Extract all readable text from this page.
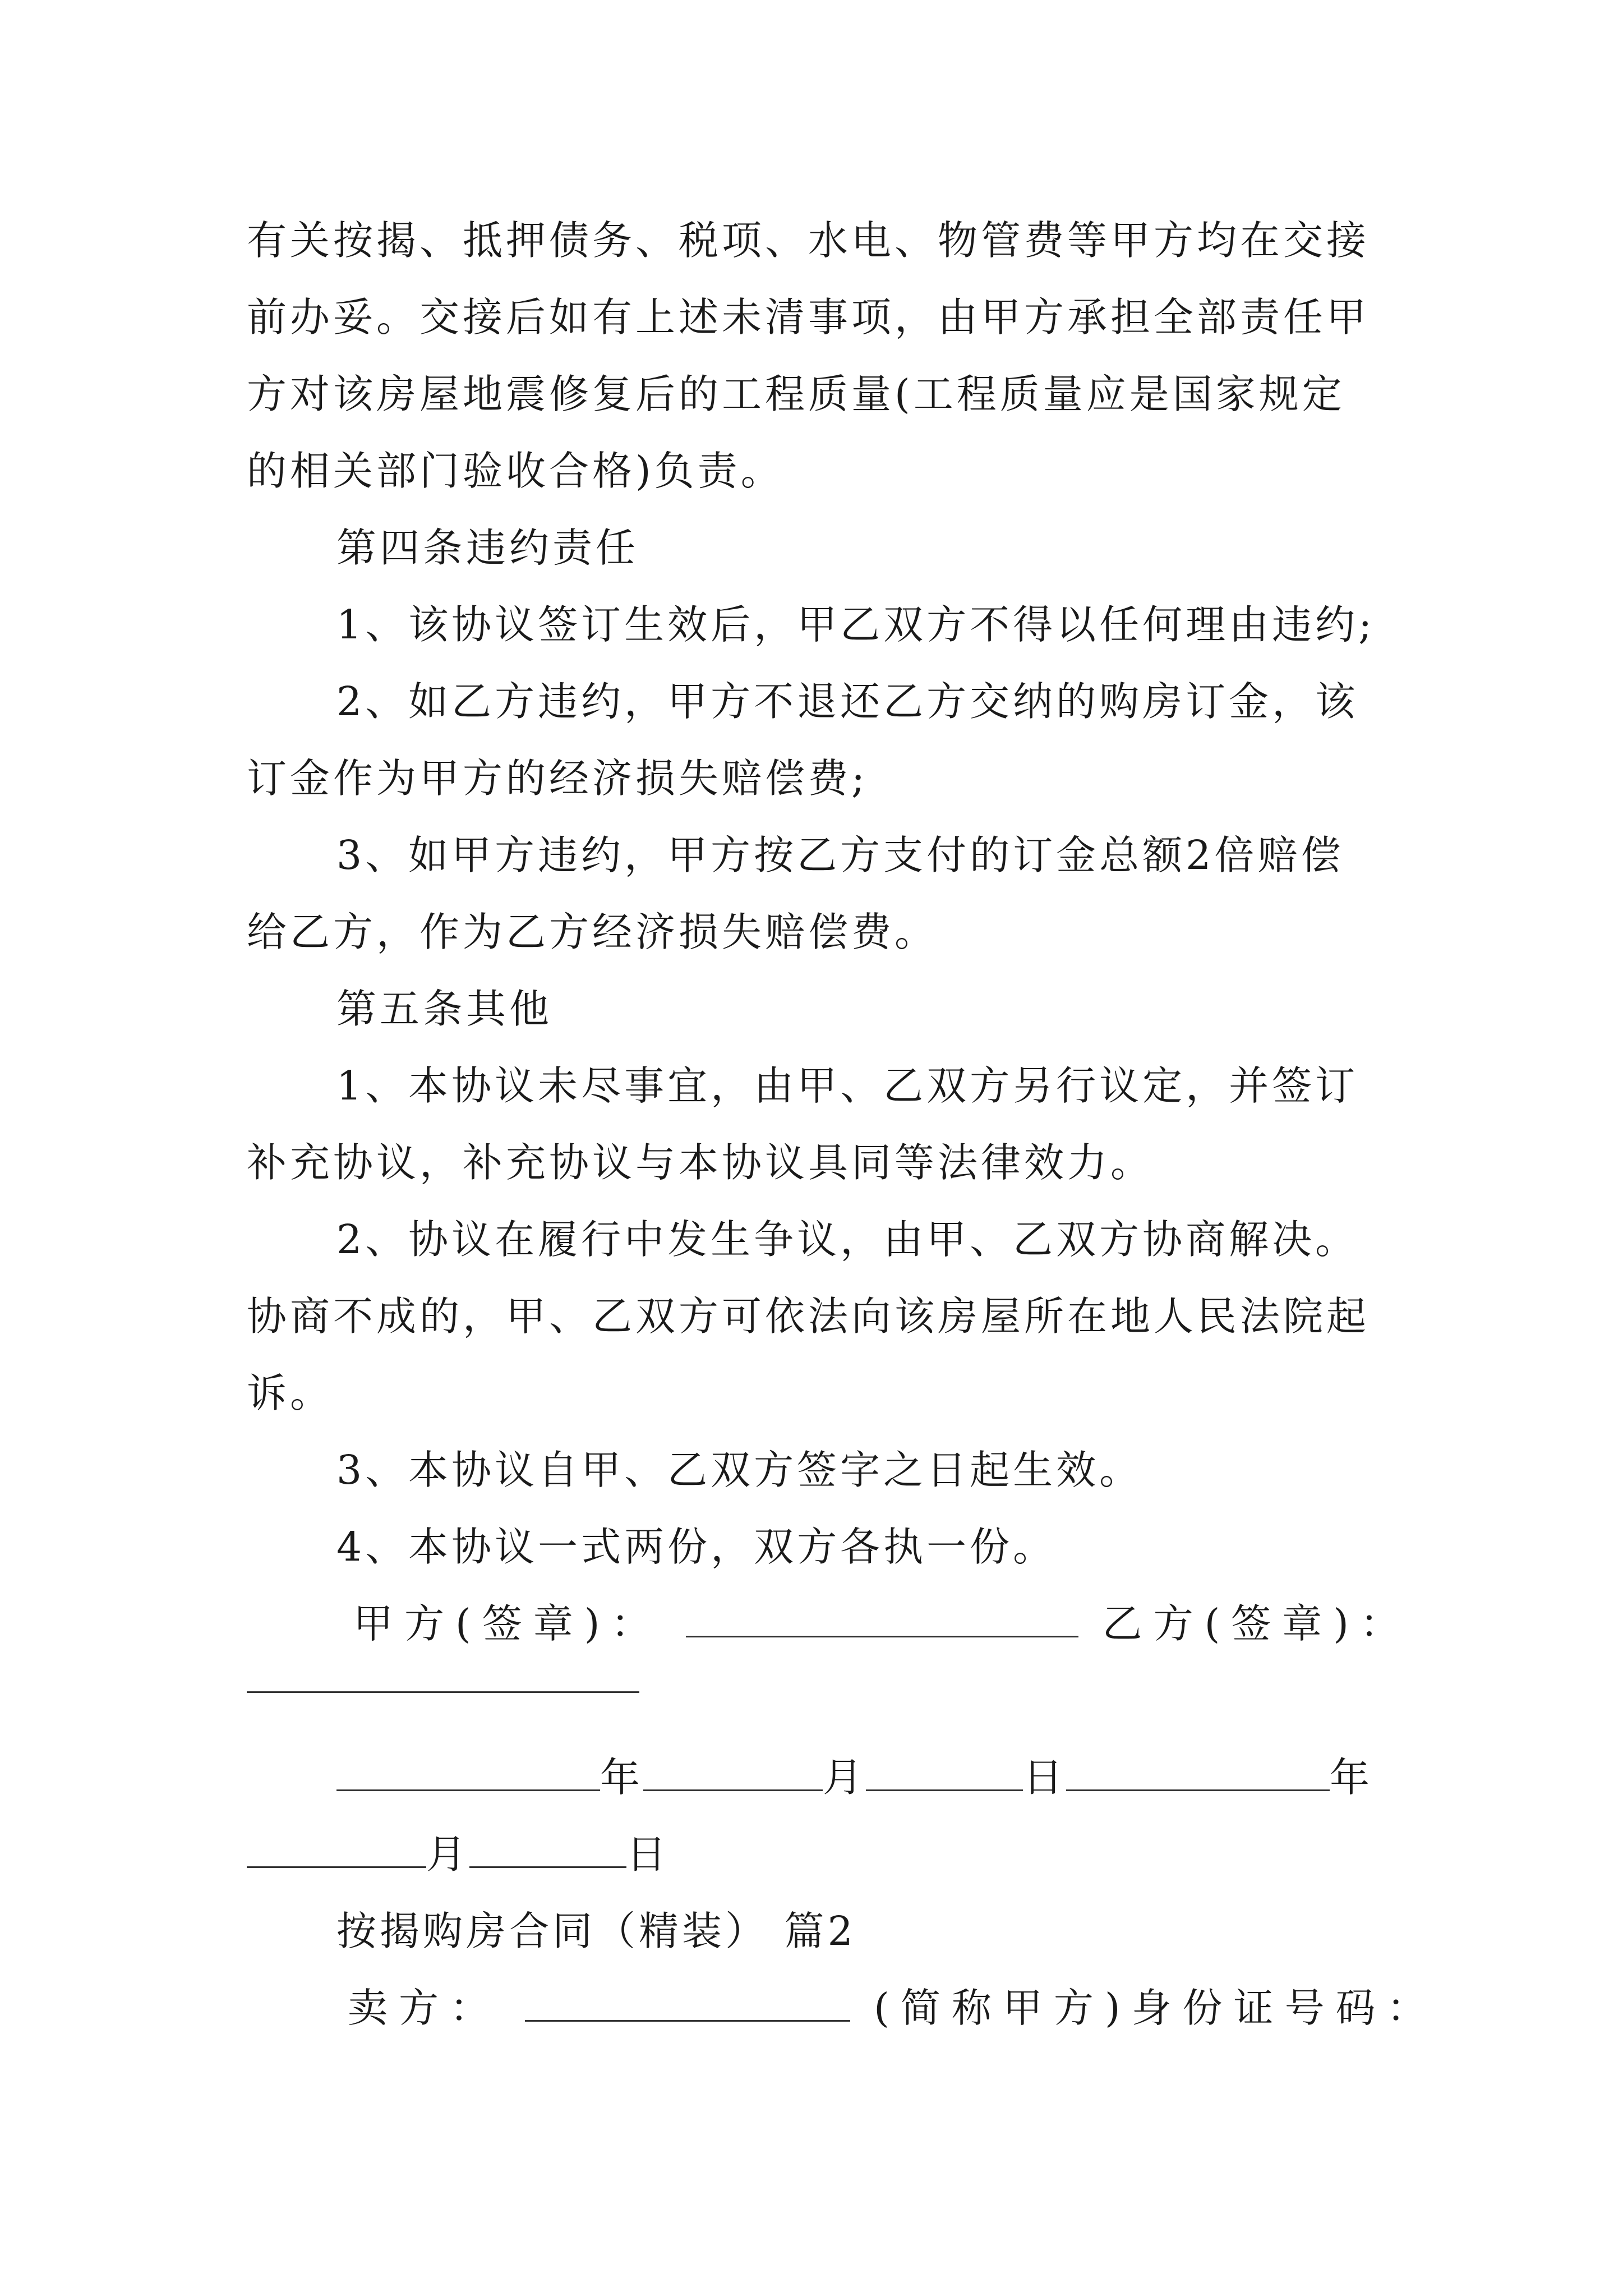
有关按揭、抵押债务、税项、水电、物管费等甲方均在交接前办妥。交接后如有上述未清事项，由甲方承担全部责任甲方对该房屋地震修复后的工程质量(工程质量应是国家规定的相关部门验收合格)负责。
第四条违约责任
1、该协议签订生效后，甲乙双方不得以任何理由违约;
2、如乙方违约，甲方不退还乙方交纳的购房订金，该订金作为甲方的经济损失赔偿费;
3、如甲方违约，甲方按乙方支付的订金总额2倍赔偿给乙方，作为乙方经济损失赔偿费。
第五条其他
1、本协议未尽事宜，由甲、乙双方另行议定，并签订补充协议，补充协议与本协议具同等法律效力。
2、协议在履行中发生争议，由甲、乙双方协商解决。协商不成的，甲、乙双方可依法向该房屋所在地人民法院起诉。
3、本协议自甲、乙双方签字之日起生效。
4、本协议一式两份，双方各执一份。
甲方(签章)：	乙方(签章)：
年	月	日	年
月	日
按揭购房合同（精装） 篇2
卖方：	(简称甲方)身份证号码：
